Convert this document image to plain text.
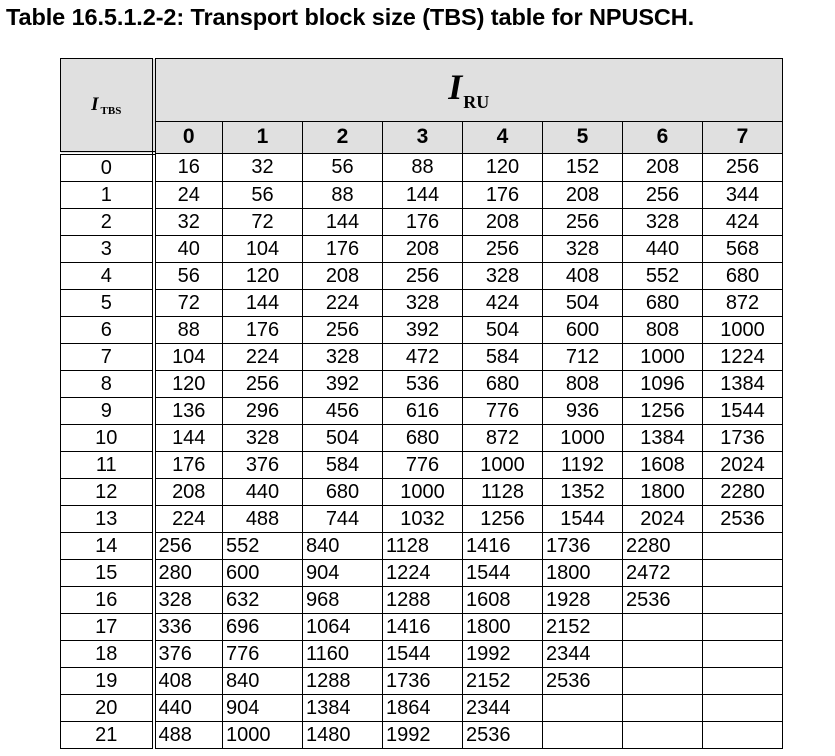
Table 16.5.1.2-2: Transport block size (TBS) table for NPUSCH.
I $_{TBS}$	IRU							
	0	1	2	3	4	5	6	7
0	16	32	56	88	120	152	208	256
1	24	56	88	144	176	208	256	344
2	32	72	144	176	208	256	328	424
3	40	104	176	208	256	328	440	568
4	56	120	208	256	328	408	552	680
5	72	144	224	328	424	504	680	872
6	88	176	256	392	504	600	808	1000
7	104	224	328	472	584	712	1000	1224
8	120	256	392	536	680	808	1096	1384
9	136	296	456	616	776	936	1256	1544
10	144	328	504	680	872	1000	1384	1736
11	176	376	584	776	1000	1192	1608	2024
12	208	440	680	1000	1128	1352	1800	2280
13	224	488	744	1032	1256	1544	2024	2536
14	256	552	840	1128	1416	1736	2280	
15	280	600	904	1224	1544	1800	2472	
16	328	632	968	1288	1608	1928	2536	
17	336	696	1064	1416	1800	2152		
18	376	776	1160	1544	1992	2344		
19	408	840	1288	1736	2152	2536		
20	440	904	1384	1864	2344			
21	488	1000	1480	1992	2536			
